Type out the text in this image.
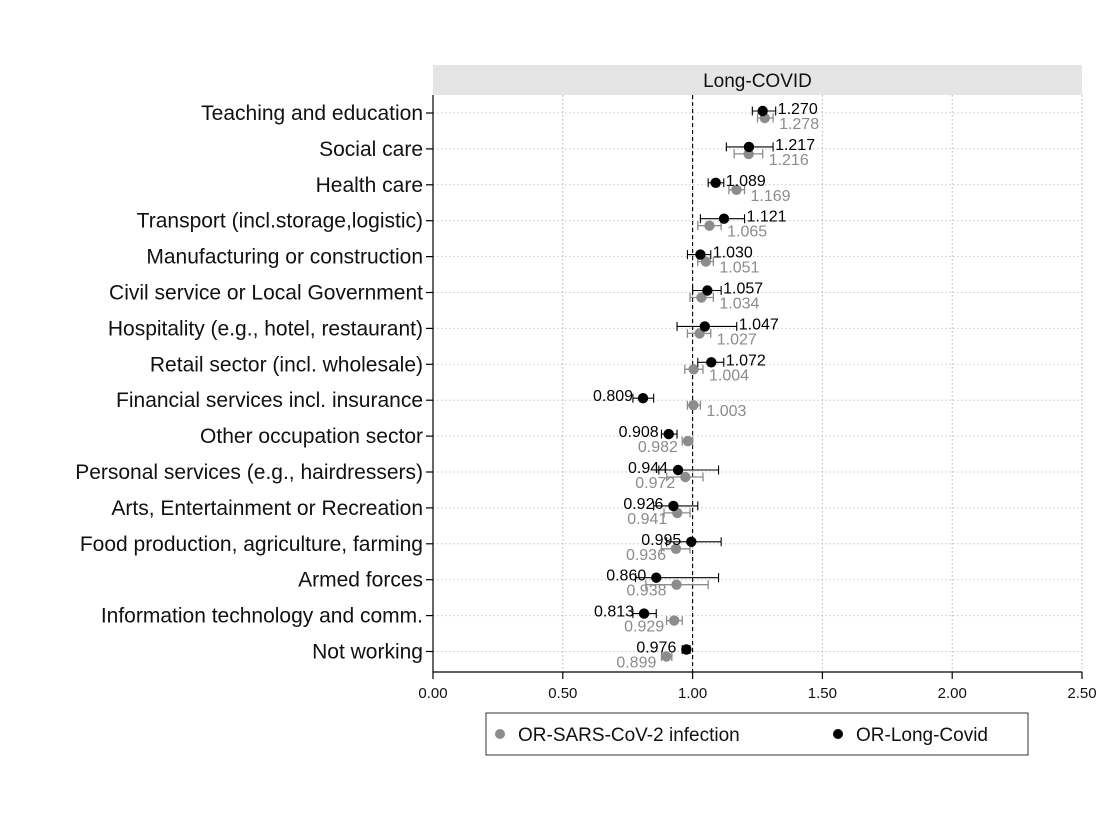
Long-COVID
0.00	0.50	1.00	1.50	2.00	2.50
Teaching and education
Social care
Health care
Transport (incl.storage,logistic)
Manufacturing or construction
Civil service or Local Government
Hospitality (e.g., hotel, restaurant)
Retail sector (incl. wholesale)
Financial services incl. insurance
Other occupation sector
Personal services (e.g., hairdressers)
Arts, Entertainment or Recreation
Food production, agriculture, farming
Armed forces
Information technology and comm.
Not working
1.278
1.216
1.169
1.065
1.051
1.034
1.027
1.004
1.003
0.982
0.972
0.941
0.936
0.938
0.929
0.899
1.270
1.217
1.089
1.121
1.030
1.057
1.047
1.072
0.809
0.908
0.944
0.926
0.995
0.860
0.813
0.976
OR-SARS-CoV-2 infection	OR-Long-Covid
